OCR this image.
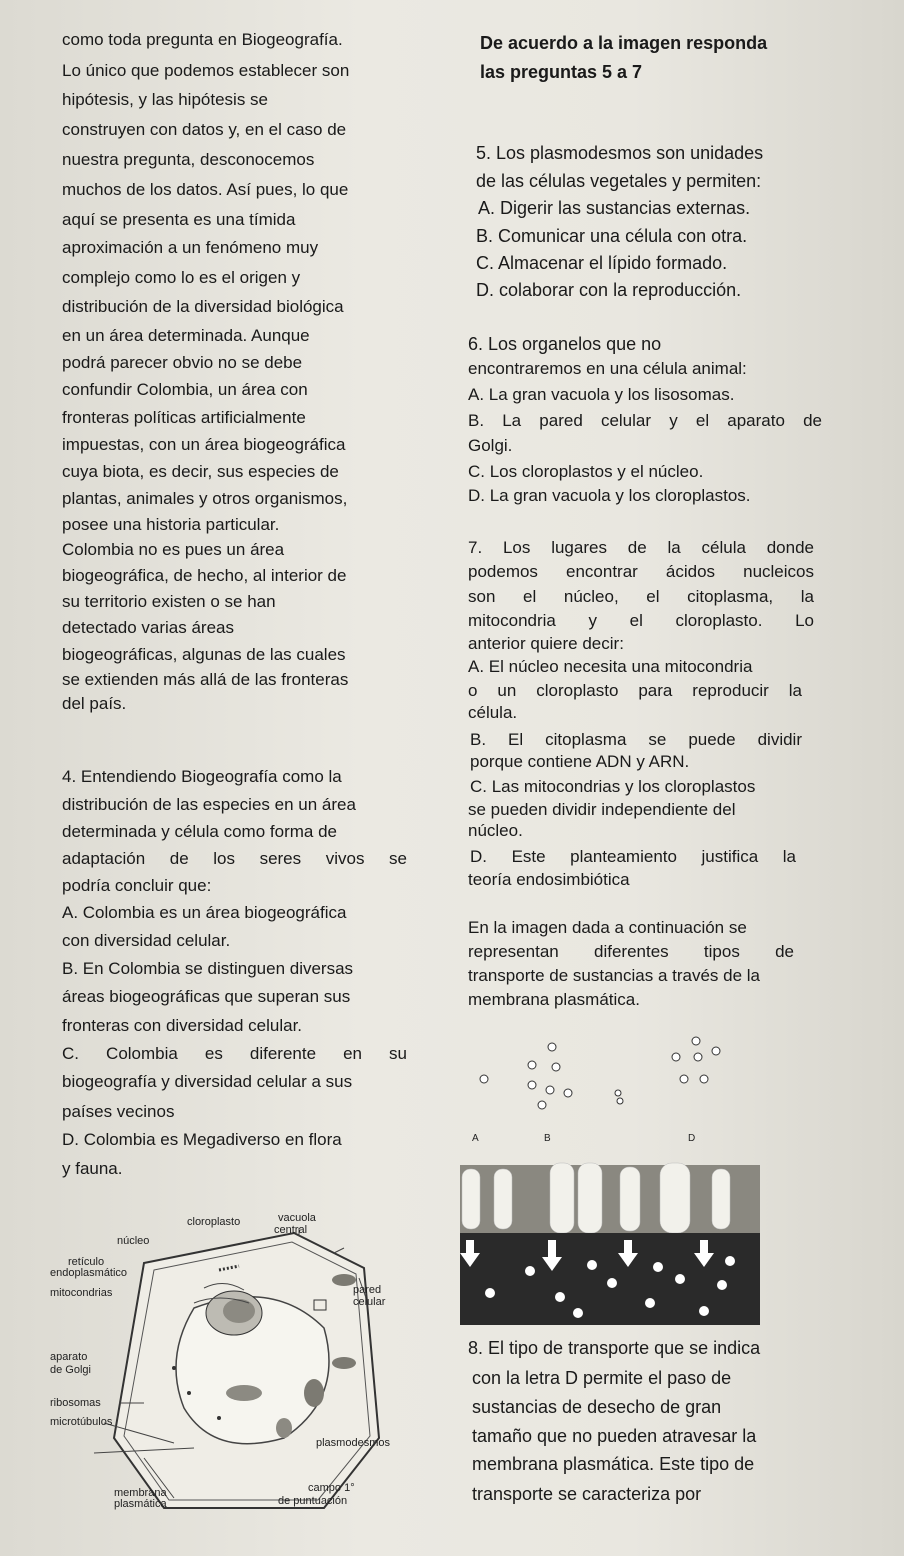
como toda pregunta en Biogeografía.
Lo único que podemos establecer son
hipótesis, y las hipótesis se
construyen con datos y, en el caso de
nuestra pregunta, desconocemos
muchos de los datos. Así pues, lo que
aquí se presenta es una tímida
aproximación a un fenómeno muy
complejo como lo es el origen y
distribución de la diversidad biológica
en un área determinada. Aunque
podrá parecer obvio no se debe
confundir Colombia, un área con
fronteras políticas artificialmente
impuestas, con un área biogeográfica
cuya biota, es decir, sus especies de
plantas, animales y otros organismos,
posee una historia particular.
Colombia no es pues un área
biogeográfica, de hecho, al interior de
su territorio existen o se han
detectado varias áreas
biogeográficas, algunas de las cuales
se extienden más allá de las fronteras
del país.
4. Entendiendo Biogeografía como la
distribución de las especies en un área
determinada y célula como forma de
adaptación de los seres vivos se
podría concluir que:
A. Colombia es un área biogeográfica
con diversidad celular.
B. En Colombia se distinguen diversas
áreas biogeográficas que superan sus
fronteras con diversidad celular.
C. Colombia es diferente en su
biogeografía y diversidad celular a sus
países vecinos
D. Colombia es Megadiverso en flora
y fauna.
cloroplasto	vacuola
central
núcleo
retículo
endoplasmático
mitocondrias	pared
celular
aparato
de Golgi
ribosomas
microtúbulos
plasmodesmos
membrana
plasmática
campo 1°
de puntuación
De acuerdo a la imagen responda
las preguntas 5 a 7
5. Los plasmodesmos son unidades
de las células vegetales y permiten:
A. Digerir las sustancias externas.
B. Comunicar una célula con otra.
C. Almacenar el lípido formado.
D. colaborar con la reproducción.
6. Los organelos que no
encontraremos en una célula animal:
A. La gran vacuola y los lisosomas.
B. La pared celular y el aparato de
Golgi.
C. Los cloroplastos y el núcleo.
D. La gran vacuola y los cloroplastos.
7. Los lugares de la célula donde
podemos encontrar ácidos nucleicos
son el núcleo, el citoplasma, la
mitocondria y el cloroplasto. Lo
anterior quiere decir:
A. El núcleo necesita una mitocondria
o un cloroplasto para reproducir la
célula.
B. El citoplasma se puede dividir
porque contiene ADN y ARN.
C. Las mitocondrias y los cloroplastos
se pueden dividir independiente del
núcleo.
D. Este planteamiento justifica la
teoría endosimbiótica
En la imagen dada a continuación se
representan diferentes tipos de
transporte de sustancias a través de la
membrana plasmática.
A	B	D
8. El tipo de transporte que se indica
con la letra D permite el paso de
sustancias de desecho de gran
tamaño que no pueden atravesar la
membrana plasmática. Este tipo de
transporte se caracteriza por
